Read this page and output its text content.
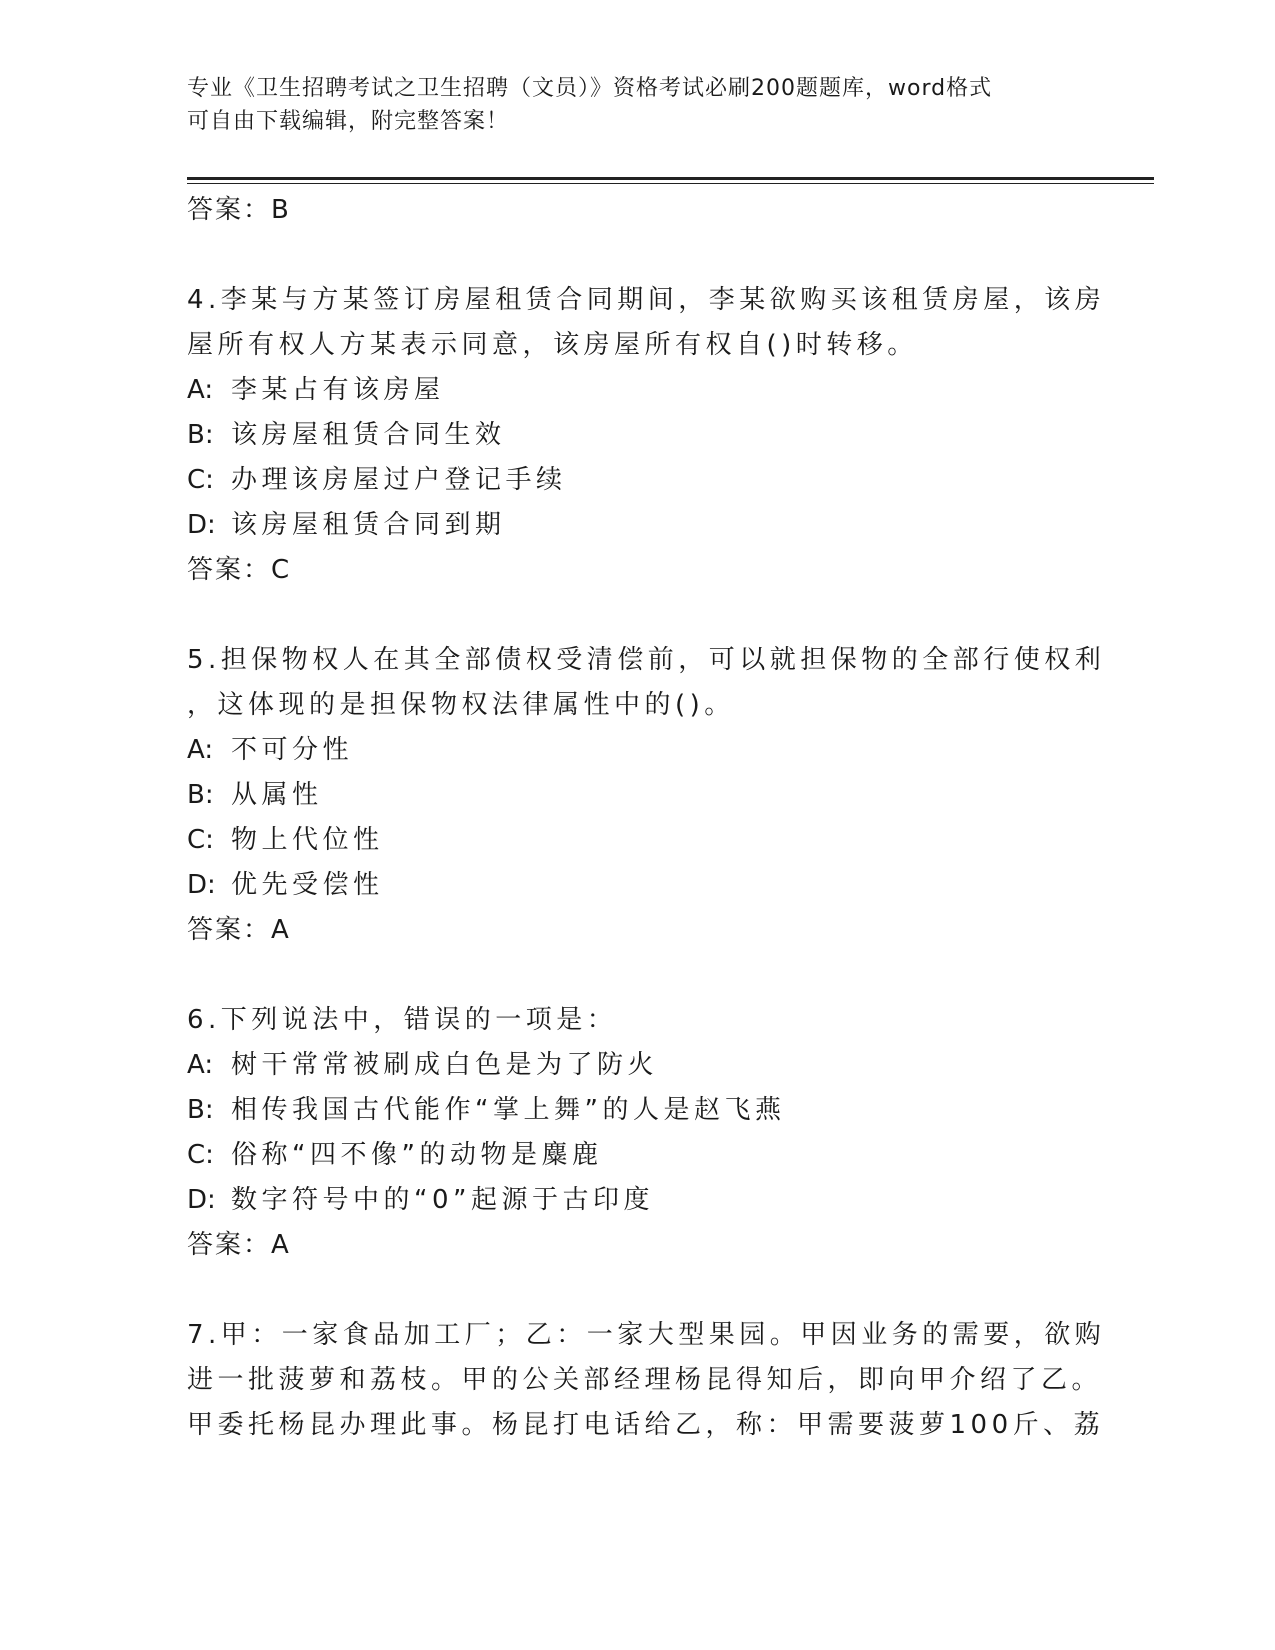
专业《卫生招聘考试之卫生招聘（文员）》资格考试必刷200题题库，word格式
可自由下载编辑，附完整答案！
答案：B
4.李某与方某签订房屋租赁合同期间，李某欲购买该租赁房屋，该房
屋所有权人方某表示同意，该房屋所有权自()时转移。
A: 李某占有该房屋
B: 该房屋租赁合同生效
C: 办理该房屋过户登记手续
D: 该房屋租赁合同到期
答案：C
5.担保物权人在其全部债权受清偿前，可以就担保物的全部行使权利
，这体现的是担保物权法律属性中的()。
A: 不可分性
B: 从属性
C: 物上代位性
D: 优先受偿性
答案：A
6.下列说法中，错误的一项是：
A: 树干常常被刷成白色是为了防火
B: 相传我国古代能作“掌上舞”的人是赵飞燕
C: 俗称“四不像”的动物是麋鹿
D: 数字符号中的“0”起源于古印度
答案：A
7.甲：一家食品加工厂；乙：一家大型果园。甲因业务的需要，欲购
进一批菠萝和荔枝。甲的公关部经理杨昆得知后，即向甲介绍了乙。
甲委托杨昆办理此事。杨昆打电话给乙，称：甲需要菠萝100斤、荔
